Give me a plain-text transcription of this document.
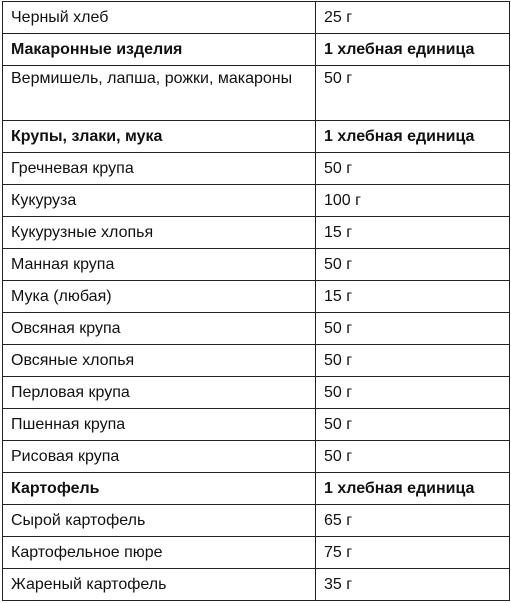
Черный хлеб	25 г
Макаронные изделия	1 хлебная единица

Вермишель, лапша, рожки, макароны	50 г

Крупы, злаки, мука	1 хлебная единица
Гречневая крупа	50 г
Кукуруза	100 г
Кукурузные хлопья	15 г
Манная крупа	50 г
Мука (любая)	15 г
Овсяная крупа	50 г
Овсяные хлопья	50 г
Перловая крупа	50 г
Пшенная крупа	50 г
Рисовая крупа	50 г
Картофель	1 хлебная единица
Сырой картофель	65 г
Картофельное пюре	75 г
Жареный картофель	35 г
